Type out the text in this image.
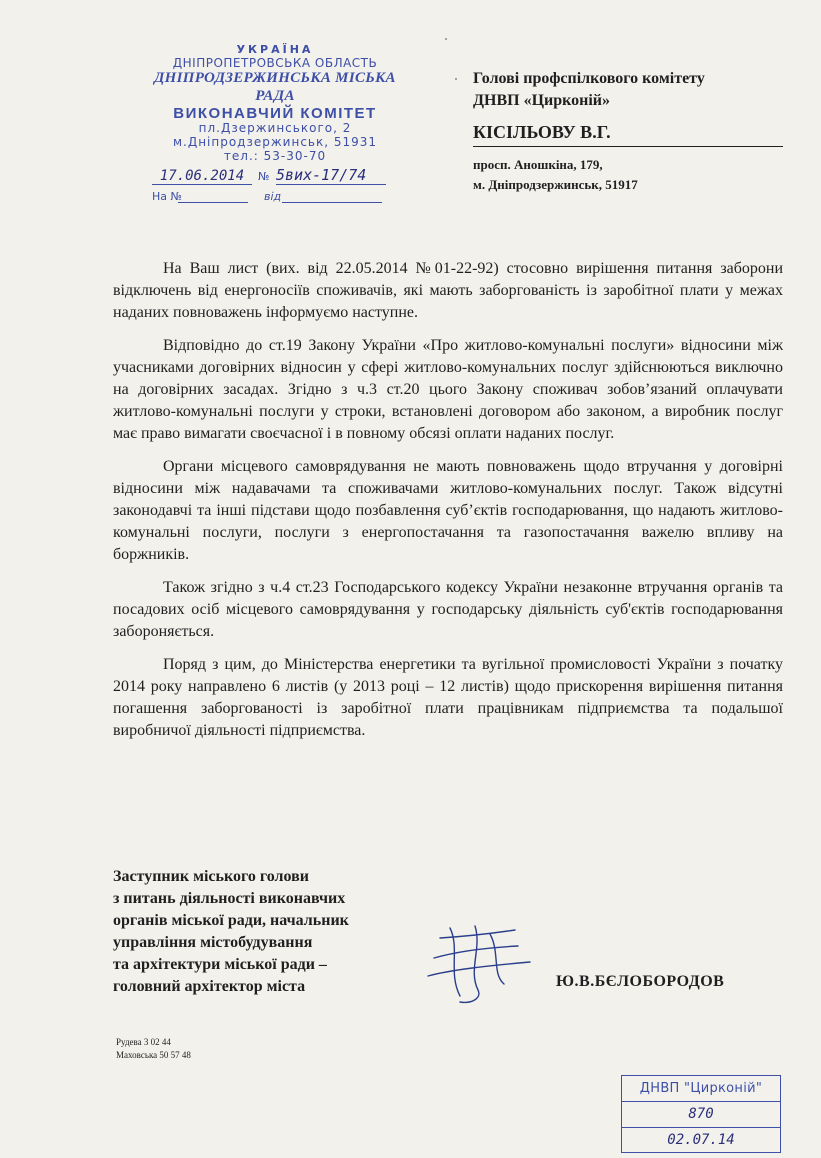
УКРАЇНА
ДНІПРОПЕТРОВСЬКА ОБЛАСТЬ
ДНІПРОДЗЕРЖИНСЬКА МІСЬКА РАДА
ВИКОНАВЧИЙ КОМІТЕТ
пл.Дзержинського, 2
м.Дніпродзержинськ, 51931
тел.: 53-30-70
17.06.2014	№ 5вих-17/74
На №	від
Голові профспілкового комітету
ДНВП «Цирконій»
КІСІЛЬОВУ В.Г.
просп. Аношкіна, 179,
м. Дніпродзержинськ, 51917

На Ваш лист (вих. від 22.05.2014 №01-22-92) стосовно вирішення питання заборони відключень від енергоносіїв споживачів, які мають заборгованість із заробітної плати у межах наданих повноважень інформуємо наступне.

Відповідно до ст.19 Закону України «Про житлово-комунальні послуги» відносини між учасниками договірних відносин у сфері житлово-комунальних послуг здійснюються виключно на договірних засадах. Згідно з ч.3 ст.20 цього Закону споживач зобов’язаний оплачувати житлово-комунальні послуги у строки, встановлені договором або законом, а виробник послуг має право вимагати своєчасної і в повному обсязі оплати наданих послуг.

Органи місцевого самоврядування не мають повноважень щодо втручання у договірні відносини між надавачами та споживачами житлово-комунальних послуг. Також відсутні законодавчі та інші підстави щодо позбавлення суб’єктів господарювання, що надають житлово-комунальні послуги, послуги з енергопостачання та газопостачання важелю впливу на боржників.

Також згідно з ч.4 ст.23 Господарського кодексу України незаконне втручання органів та посадових осіб місцевого самоврядування у господарську діяльність суб'єктів господарювання забороняється.

Поряд з цим, до Міністерства енергетики та вугільної промисловості України з початку 2014 року направлено 6 листів (у 2013 році – 12 листів) щодо прискорення вирішення питання погашення заборгованості із заробітної плати працівникам підприємства та подальшої виробничої діяльності підприємства.

Заступник міського голови
з питань діяльності виконавчих
органів міської ради, начальник
управління містобудування
та архітектури міської ради –
головний архітектор міста	Ю.В.БЄЛОБОРОДОВ
Рудева 3 02 44
Маховська 50 57 48
ДНВП "Цирконій"
870
02.07.14
